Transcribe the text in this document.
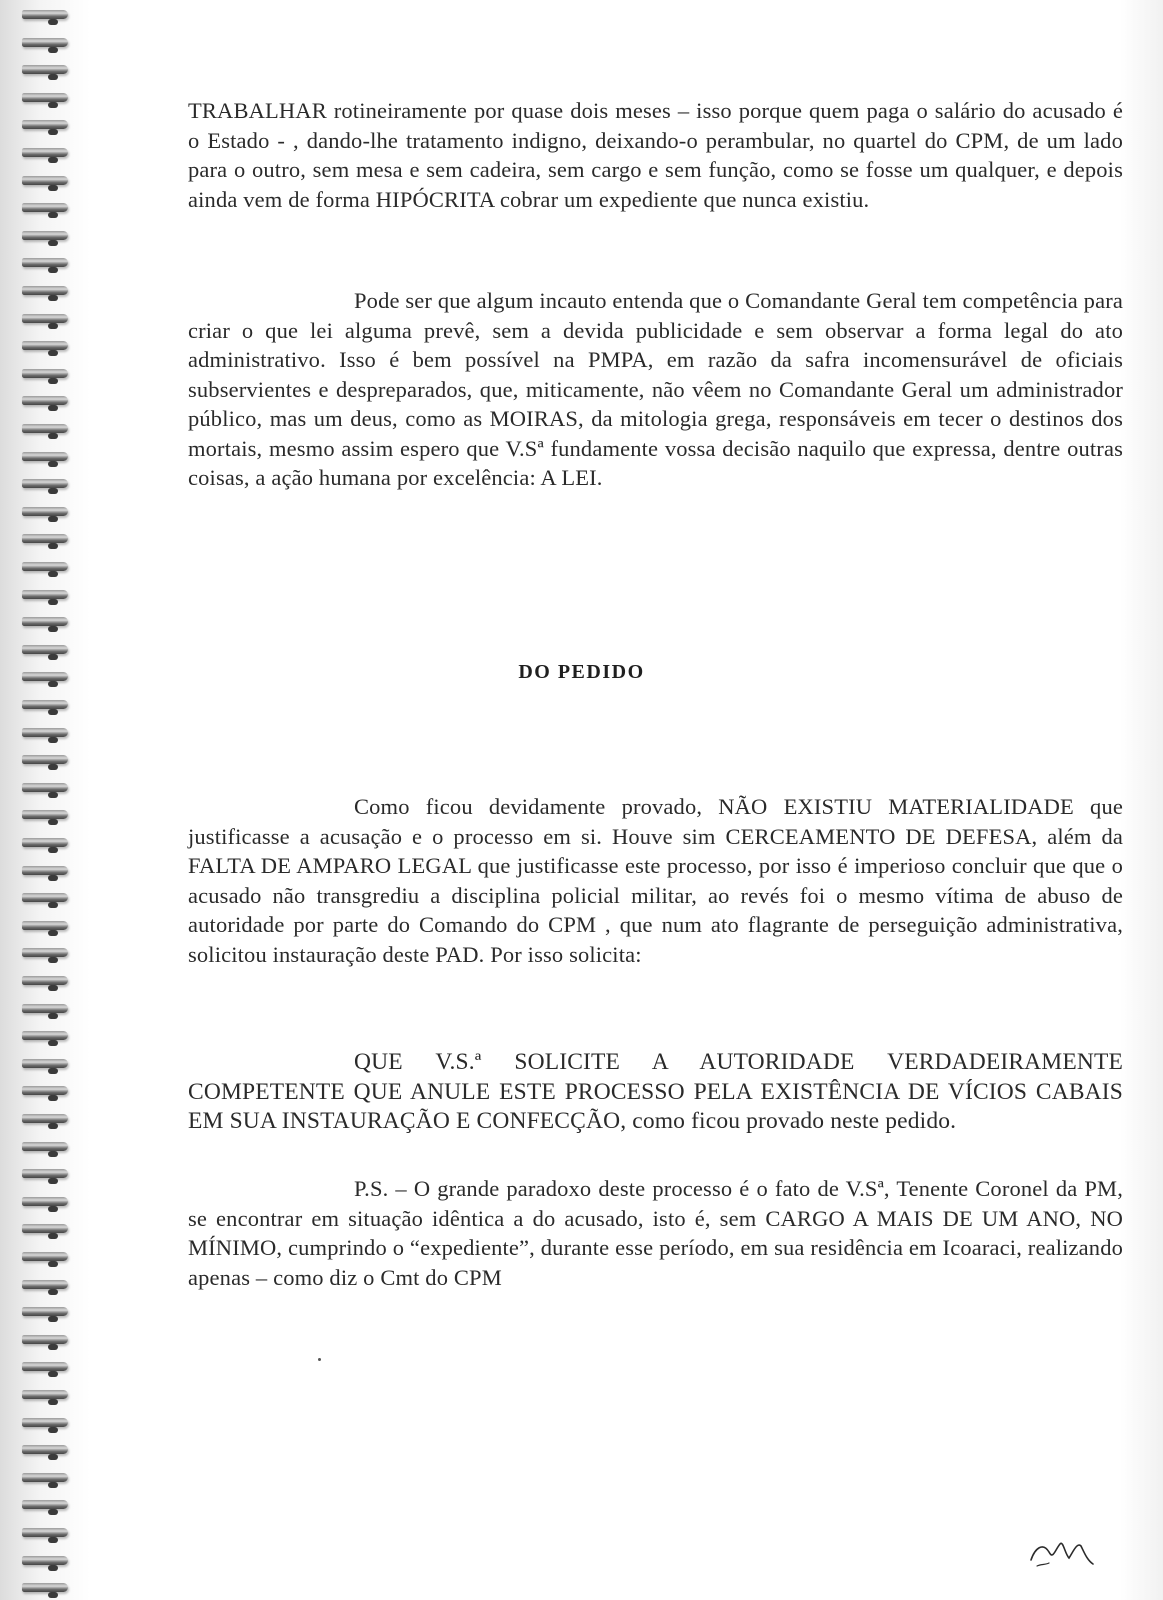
TRABALHAR rotineiramente por quase dois meses – isso porque quem paga o salário do acusado é o Estado - , dando-lhe tratamento indigno, deixando-o perambular, no quartel do CPM, de um lado para o outro, sem mesa e sem cadeira, sem cargo e sem função, como se fosse um qualquer, e depois ainda vem de forma HIPÓCRITA cobrar um expediente que nunca existiu.

Pode ser que algum incauto entenda que o Comandante Geral tem competência para criar o que lei alguma prevê, sem a devida publicidade e sem observar a forma legal do ato administrativo. Isso é bem possível na PMPA, em razão da safra incomensurável de oficiais subservientes e despreparados, que, miticamente, não vêem no Comandante Geral um administrador público, mas um deus, como as MOIRAS, da mitologia grega, responsáveis em tecer o destinos dos mortais, mesmo assim espero que V.Sª fundamente vossa decisão naquilo que expressa, dentre outras coisas, a ação humana por excelência: A LEI.

DO PEDIDO

Como ficou devidamente provado, NÃO EXISTIU MATERIALIDADE que justificasse a acusação e o processo em si. Houve sim CERCEAMENTO DE DEFESA, além da FALTA DE AMPARO LEGAL que justificasse este processo, por isso é imperioso concluir que que o acusado não transgrediu a disciplina policial militar, ao revés foi o mesmo vítima de abuso de autoridade por parte do Comando do CPM , que num ato flagrante de perseguição administrativa, solicitou instauração deste PAD. Por isso solicita:

QUE V.S.ª SOLICITE A AUTORIDADE VERDADEIRAMENTE COMPETENTE QUE ANULE ESTE PROCESSO PELA EXISTÊNCIA DE VÍCIOS CABAIS EM SUA INSTAURAÇÃO E CONFECÇÃO, como ficou provado neste pedido.

P.S. – O grande paradoxo deste processo é o fato de V.Sª, Tenente Coronel da PM, se encontrar em situação idêntica a do acusado, isto é, sem CARGO A MAIS DE UM ANO, NO MÍNIMO, cumprindo o “expediente”, durante esse período, em sua residência em Icoaraci, realizando apenas – como diz o Cmt do CPM
